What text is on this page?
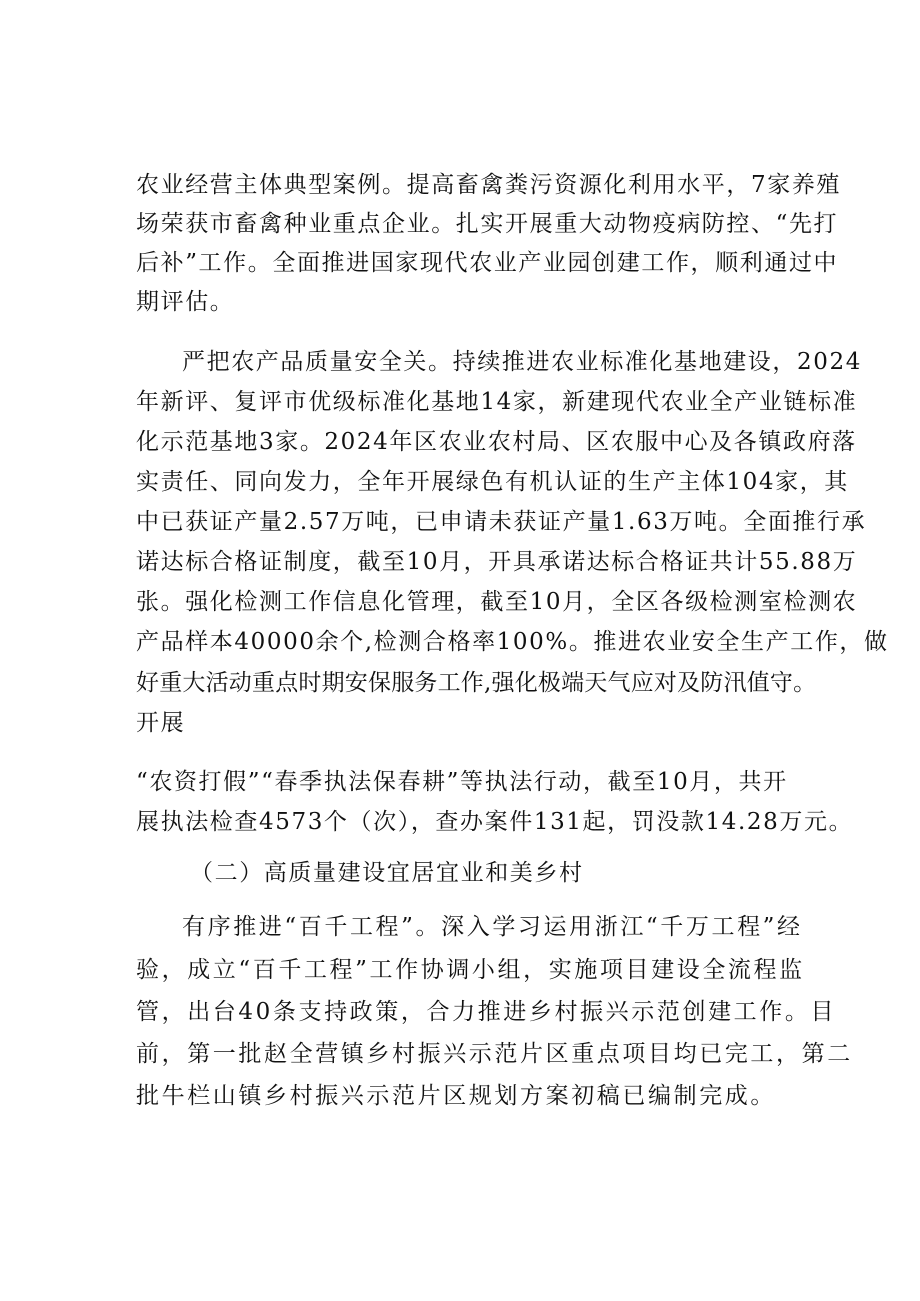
农业经营主体典型案例。提高畜禽粪污资源化利用水平，7家养殖
场荣获市畜禽种业重点企业。扎实开展重大动物疫病防控、“先打
后补”工作。全面推进国家现代农业产业园创建工作，顺利通过中
期评估。
严把农产品质量安全关。持续推进农业标准化基地建设，2024
年新评、复评市优级标准化基地14家，新建现代农业全产业链标准
化示范基地3家。2024年区农业农村局、区农服中心及各镇政府落
实责任、同向发力，全年开展绿色有机认证的生产主体104家，其
中已获证产量2.57万吨，已申请未获证产量1.63万吨。全面推行承
诺达标合格证制度，截至10月，开具承诺达标合格证共计55.88万
张。强化检测工作信息化管理，截至10月，全区各级检测室检测农
产品样本40000余个,检测合格率100%。推进农业安全生产工作，做
好重大活动重点时期安保服务工作,强化极端天气应对及防汛值守。
开展
“农资打假”“春季执法保春耕”等执法行动，截至10月，共开
展执法检查4573个（次），查办案件131起，罚没款14.28万元。
（二）高质量建设宜居宜业和美乡村
有序推进“百千工程”。深入学习运用浙江“千万工程”经
验，成立“百千工程”工作协调小组，实施项目建设全流程监
管，出台40条支持政策，合力推进乡村振兴示范创建工作。目
前，第一批赵全营镇乡村振兴示范片区重点项目均已完工，第二
批牛栏山镇乡村振兴示范片区规划方案初稿已编制完成。
